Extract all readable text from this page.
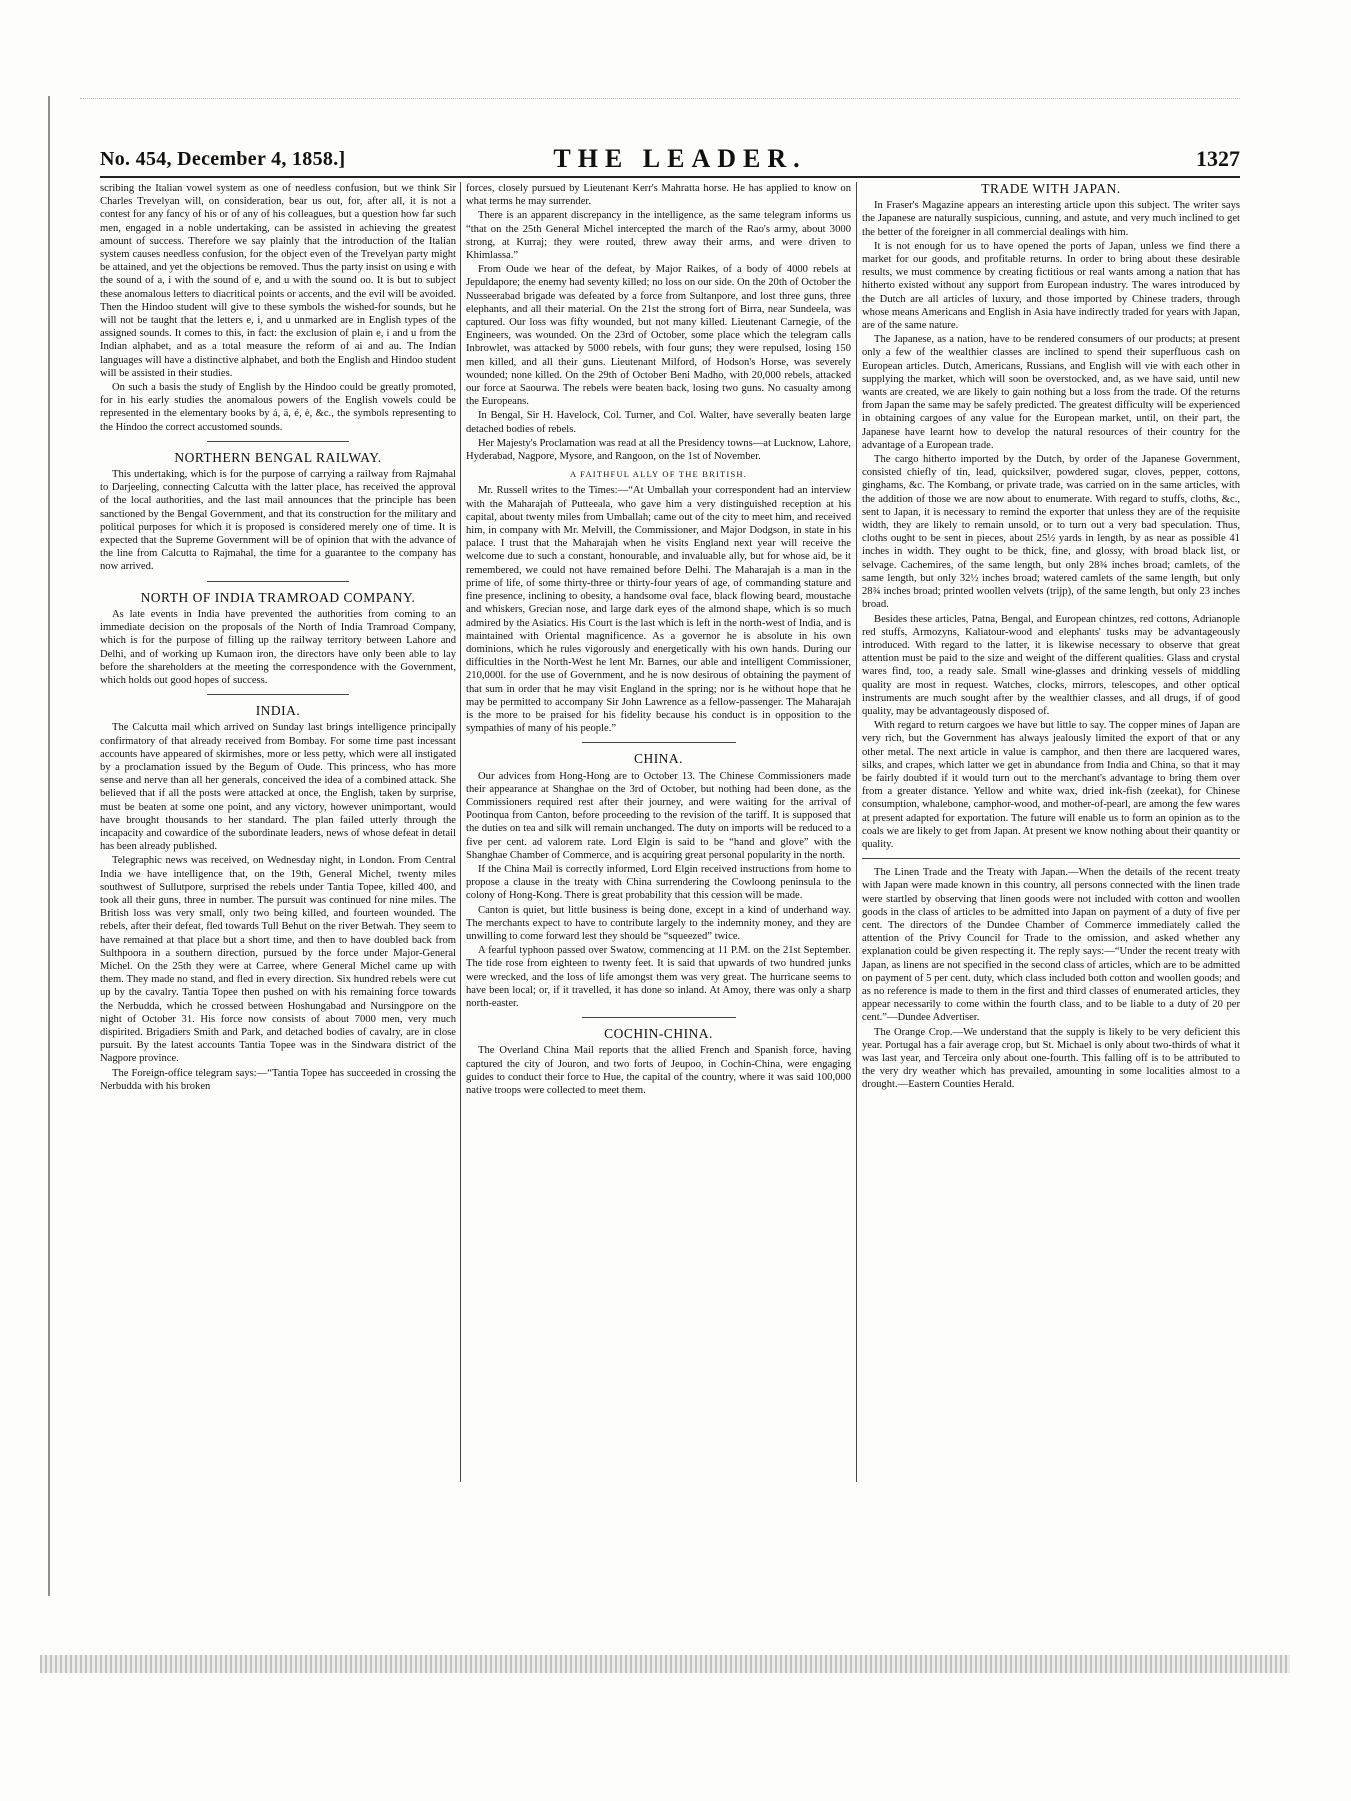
No. 454, December 4, 1858.]	THE LEADER.	1327

scribing the Italian vowel system as one of needless confusion, but we think Sir Charles Trevelyan will, on consideration, bear us out, for, after all, it is not a contest for any fancy of his or of any of his colleagues, but a question how far such men, engaged in a noble undertaking, can be assisted in achieving the greatest amount of success. Therefore we say plainly that the introduction of the Italian system causes needless confusion, for the object even of the Trevelyan party might be attained, and yet the objections be removed. Thus the party insist on using e with the sound of a, i with the sound of e, and u with the sound oo. It is but to subject these anomalous letters to diacritical points or accents, and the evil will be avoided. Then the Hindoo student will give to these symbols the wished-for sounds, but he will not be taught that the letters e, i, and u unmarked are in English types of the assigned sounds. It comes to this, in fact: the exclusion of plain e, i and u from the Indian alphabet, and as a total measure the reform of ai and au. The Indian languages will have a distinctive alphabet, and both the English and Hindoo student will be assisted in their studies.

On such a basis the study of English by the Hindoo could be greatly promoted, for in his early studies the anomalous powers of the English vowels could be represented in the elementary books by á, ä, é, è, &c., the symbols representing to the Hindoo the correct accustomed sounds.

NORTHERN BENGAL RAILWAY.

This undertaking, which is for the purpose of carrying a railway from Rajmahal to Darjeeling, connecting Calcutta with the latter place, has received the approval of the local authorities, and the last mail announces that the principle has been sanctioned by the Bengal Government, and that its construction for the military and political purposes for which it is proposed is considered merely one of time. It is expected that the Supreme Government will be of opinion that with the advance of the line from Calcutta to Rajmahal, the time for a guarantee to the company has now arrived.

NORTH OF INDIA TRAMROAD COMPANY.

As late events in India have prevented the authorities from coming to an immediate decision on the proposals of the North of India Tramroad Company, which is for the purpose of filling up the railway territory between Lahore and Delhi, and of working up Kumaon iron, the directors have only been able to lay before the shareholders at the meeting the correspondence with the Government, which holds out good hopes of success.

INDIA.

The Calcutta mail which arrived on Sunday last brings intelligence principally confirmatory of that already received from Bombay. For some time past incessant accounts have appeared of skirmishes, more or less petty, which were all instigated by a proclamation issued by the Begum of Oude. This princess, who has more sense and nerve than all her generals, conceived the idea of a combined attack. She believed that if all the posts were attacked at once, the English, taken by surprise, must be beaten at some one point, and any victory, however unimportant, would have brought thousands to her standard. The plan failed utterly through the incapacity and cowardice of the subordinate leaders, news of whose defeat in detail has been already published.

Telegraphic news was received, on Wednesday night, in London. From Central India we have intelligence that, on the 19th, General Michel, twenty miles southwest of Sullutpore, surprised the rebels under Tantia Topee, killed 400, and took all their guns, three in number. The pursuit was continued for nine miles. The British loss was very small, only two being killed, and fourteen wounded. The rebels, after their defeat, fled towards Tull Behut on the river Betwah. They seem to have remained at that place but a short time, and then to have doubled back from Sulthpoora in a southern direction, pursued by the force under Major-General Michel. On the 25th they were at Carree, where General Michel came up with them. They made no stand, and fled in every direction. Six hundred rebels were cut up by the cavalry. Tantia Topee then pushed on with his remaining force towards the Nerbudda, which he crossed between Hoshungabad and Nursingpore on the night of October 31. His force now consists of about 7000 men, very much dispirited. Brigadiers Smith and Park, and detached bodies of cavalry, are in close pursuit. By the latest accounts Tantia Topee was in the Sindwara district of the Nagpore province.

The Foreign-office telegram says:—“Tantia Topee has succeeded in crossing the Nerbudda with his broken

forces, closely pursued by Lieutenant Kerr's Mahratta horse. He has applied to know on what terms he may surrender.

There is an apparent discrepancy in the intelligence, as the same telegram informs us “that on the 25th General Michel intercepted the march of the Rao's army, about 3000 strong, at Kurraj; they were routed, threw away their arms, and were driven to Khimlassa.”

From Oude we hear of the defeat, by Major Raikes, of a body of 4000 rebels at Jepuldapore; the enemy had seventy killed; no loss on our side. On the 20th of October the Nusseerabad brigade was defeated by a force from Sultanpore, and lost three guns, three elephants, and all their material. On the 21st the strong fort of Birra, near Sundeela, was captured. Our loss was fifty wounded, but not many killed. Lieutenant Carnegie, of the Engineers, was wounded. On the 23rd of October, some place which the telegram calls Inbrowlet, was attacked by 5000 rebels, with four guns; they were repulsed, losing 150 men killed, and all their guns. Lieutenant Milford, of Hodson's Horse, was severely wounded; none killed. On the 29th of October Beni Madho, with 20,000 rebels, attacked our force at Saourwa. The rebels were beaten back, losing two guns. No casualty among the Europeans.

In Bengal, Sir H. Havelock, Col. Turner, and Col. Walter, have severally beaten large detached bodies of rebels.

Her Majesty's Proclamation was read at all the Presidency towns—at Lucknow, Lahore, Hyderabad, Nagpore, Mysore, and Rangoon, on the 1st of November.

A FAITHFUL ALLY OF THE BRITISH.

Mr. Russell writes to the Times:—“At Umballah your correspondent had an interview with the Maharajah of Putteeala, who gave him a very distinguished reception at his capital, about twenty miles from Umballah; came out of the city to meet him, and received him, in company with Mr. Melvill, the Commissioner, and Major Dodgson, in state in his palace. I trust that the Maharajah when he visits England next year will receive the welcome due to such a constant, honourable, and invaluable ally, but for whose aid, be it remembered, we could not have remained before Delhi. The Maharajah is a man in the prime of life, of some thirty-three or thirty-four years of age, of commanding stature and fine presence, inclining to obesity, a handsome oval face, black flowing beard, moustache and whiskers, Grecian nose, and large dark eyes of the almond shape, which is so much admired by the Asiatics. His Court is the last which is left in the north-west of India, and is maintained with Oriental magnificence. As a governor he is absolute in his own dominions, which he rules vigorously and energetically with his own hands. During our difficulties in the North-West he lent Mr. Barnes, our able and intelligent Commissioner, 210,000l. for the use of Government, and he is now desirous of obtaining the payment of that sum in order that he may visit England in the spring; nor is he without hope that he may be permitted to accompany Sir John Lawrence as a fellow-passenger. The Maharajah is the more to be praised for his fidelity because his conduct is in opposition to the sympathies of many of his people.”

CHINA.

Our advices from Hong-Hong are to October 13. The Chinese Commissioners made their appearance at Shanghae on the 3rd of October, but nothing had been done, as the Commissioners required rest after their journey, and were waiting for the arrival of Pootinqua from Canton, before proceeding to the revision of the tariff. It is supposed that the duties on tea and silk will remain unchanged. The duty on imports will be reduced to a five per cent. ad valorem rate. Lord Elgin is said to be “hand and glove” with the Shanghae Chamber of Commerce, and is acquiring great personal popularity in the north.

If the China Mail is correctly informed, Lord Elgin received instructions from home to propose a clause in the treaty with China surrendering the Cowloong peninsula to the colony of Hong-Kong. There is great probability that this cession will be made.

Canton is quiet, but little business is being done, except in a kind of underhand way. The merchants expect to have to contribute largely to the indemnity money, and they are unwilling to come forward lest they should be “squeezed” twice.

A fearful typhoon passed over Swatow, commencing at 11 P.M. on the 21st September. The tide rose from eighteen to twenty feet. It is said that upwards of two hundred junks were wrecked, and the loss of life amongst them was very great. The hurricane seems to have been local; or, if it travelled, it has done so inland. At Amoy, there was only a sharp north-easter.

COCHIN-CHINA.

The Overland China Mail reports that the allied French and Spanish force, having captured the city of Jouron, and two forts of Jeupoo, in Cochin-China, were engaging guides to conduct their force to Hue, the capital of the country, where it was said 100,000 native troops were collected to meet them.

TRADE WITH JAPAN.

In Fraser's Magazine appears an interesting article upon this subject. The writer says the Japanese are naturally suspicious, cunning, and astute, and very much inclined to get the better of the foreigner in all commercial dealings with him.

It is not enough for us to have opened the ports of Japan, unless we find there a market for our goods, and profitable returns. In order to bring about these desirable results, we must commence by creating fictitious or real wants among a nation that has hitherto existed without any support from European industry. The wares introduced by the Dutch are all articles of luxury, and those imported by Chinese traders, through whose means Americans and English in Asia have indirectly traded for years with Japan, are of the same nature.

The Japanese, as a nation, have to be rendered consumers of our products; at present only a few of the wealthier classes are inclined to spend their superfluous cash on European articles. Dutch, Americans, Russians, and English will vie with each other in supplying the market, which will soon be overstocked, and, as we have said, until new wants are created, we are likely to gain nothing but a loss from the trade. Of the returns from Japan the same may be safely predicted. The greatest difficulty will be experienced in obtaining cargoes of any value for the European market, until, on their part, the Japanese have learnt how to develop the natural resources of their country for the advantage of a European trade.

The cargo hitherto imported by the Dutch, by order of the Japanese Government, consisted chiefly of tin, lead, quicksilver, powdered sugar, cloves, pepper, cottons, ginghams, &c. The Kombang, or private trade, was carried on in the same articles, with the addition of those we are now about to enumerate. With regard to stuffs, cloths, &c., sent to Japan, it is necessary to remind the exporter that unless they are of the requisite width, they are likely to remain unsold, or to turn out a very bad speculation. Thus, cloths ought to be sent in pieces, about 25½ yards in length, by as near as possible 41 inches in width. They ought to be thick, fine, and glossy, with broad black list, or selvage. Cachemires, of the same length, but only 28¾ inches broad; camlets, of the same length, but only 32½ inches broad; watered camlets of the same length, but only 28¾ inches broad; printed woollen velvets (trijp), of the same length, but only 23 inches broad.

Besides these articles, Patna, Bengal, and European chintzes, red cottons, Adrianople red stuffs, Armozyns, Kaliatour-wood and elephants' tusks may be advantageously introduced. With regard to the latter, it is likewise necessary to observe that great attention must be paid to the size and weight of the different qualities. Glass and crystal wares find, too, a ready sale. Small wine-glasses and drinking vessels of middling quality are most in request. Watches, clocks, mirrors, telescopes, and other optical instruments are much sought after by the wealthier classes, and all drugs, if of good quality, may be advantageously disposed of.

With regard to return cargoes we have but little to say. The copper mines of Japan are very rich, but the Government has always jealously limited the export of that or any other metal. The next article in value is camphor, and then there are lacquered wares, silks, and crapes, which latter we get in abundance from India and China, so that it may be fairly doubted if it would turn out to the merchant's advantage to bring them over from a greater distance. Yellow and white wax, dried ink-fish (zeekat), for Chinese consumption, whalebone, camphor-wood, and mother-of-pearl, are among the few wares at present adapted for exportation. The future will enable us to form an opinion as to the coals we are likely to get from Japan. At present we know nothing about their quantity or quality.

The Linen Trade and the Treaty with Japan.—When the details of the recent treaty with Japan were made known in this country, all persons connected with the linen trade were startled by observing that linen goods were not included with cotton and woollen goods in the class of articles to be admitted into Japan on payment of a duty of five per cent. The directors of the Dundee Chamber of Commerce immediately called the attention of the Privy Council for Trade to the omission, and asked whether any explanation could be given respecting it. The reply says:—“Under the recent treaty with Japan, as linens are not specified in the second class of articles, which are to be admitted on payment of 5 per cent. duty, which class included both cotton and woollen goods; and as no reference is made to them in the first and third classes of enumerated articles, they appear necessarily to come within the fourth class, and to be liable to a duty of 20 per cent.”—Dundee Advertiser.

The Orange Crop.—We understand that the supply is likely to be very deficient this year. Portugal has a fair average crop, but St. Michael is only about two-thirds of what it was last year, and Terceira only about one-fourth. This falling off is to be attributed to the very dry weather which has prevailed, amounting in some localities almost to a drought.—Eastern Counties Herald.
